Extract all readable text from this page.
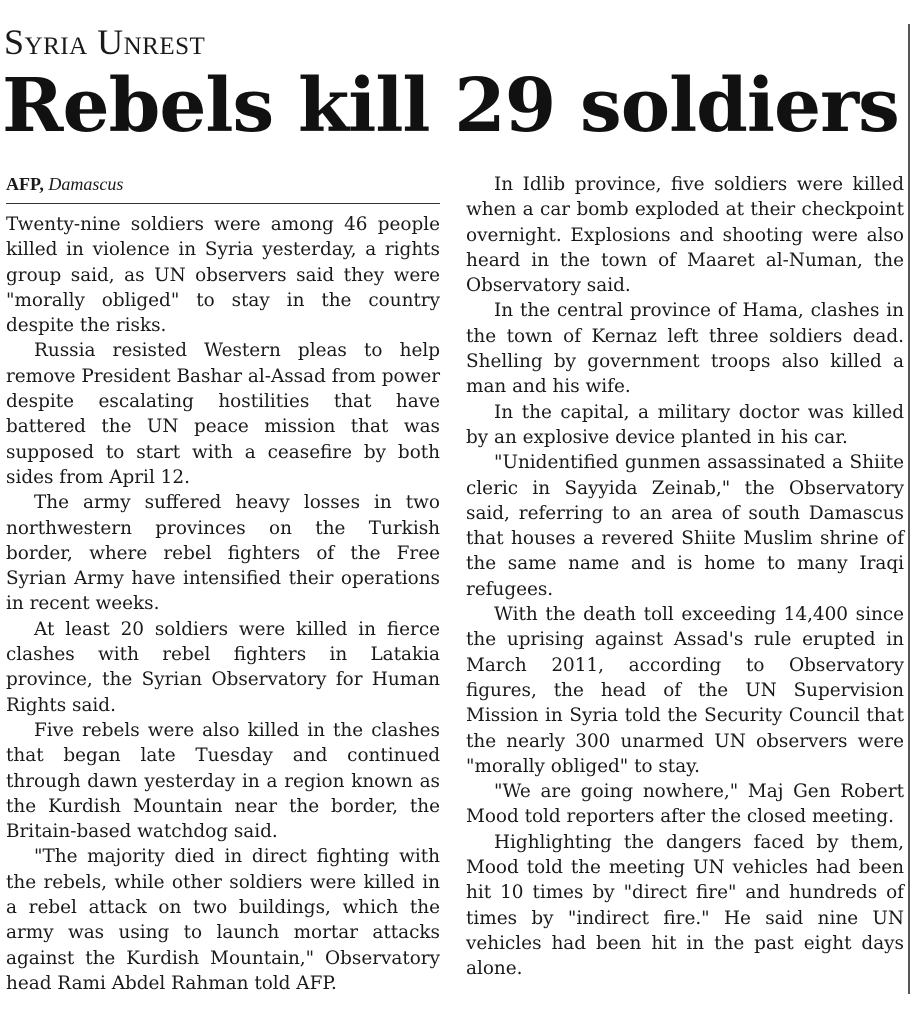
Syria Unrest
Rebels kill 29 soldiers
AFP, Damascus

Twenty-nine soldiers were among 46 people killed in violence in Syria yesterday, a rights group said, as UN observers said they were "morally obliged" to stay in the country despite the risks.

Russia resisted Western pleas to help remove President Bashar al-Assad from power despite escalating hostilities that have battered the UN peace mission that was supposed to start with a ceasefire by both sides from April 12.

The army suffered heavy losses in two northwestern provinces on the Turkish border, where rebel fighters of the Free Syrian Army have intensified their operations in recent weeks.

At least 20 soldiers were killed in fierce clashes with rebel fighters in Latakia province, the Syrian Observatory for Human Rights said.

Five rebels were also killed in the clashes that began late Tuesday and continued through dawn yesterday in a region known as the Kurdish Mountain near the border, the Britain-based watchdog said.

"The majority died in direct fighting with the rebels, while other soldiers were killed in a rebel attack on two buildings, which the army was using to launch mortar attacks against the Kurdish Mountain," Observatory head Rami Abdel Rahman told AFP.

In Idlib province, five soldiers were killed when a car bomb exploded at their checkpoint overnight. Explosions and shooting were also heard in the town of Maaret al-Numan, the Observatory said.

In the central province of Hama, clashes in the town of Kernaz left three soldiers dead. Shelling by government troops also killed a man and his wife.

In the capital, a military doctor was killed by an explosive device planted in his car.

"Unidentified gunmen assassinated a Shiite cleric in Sayyida Zeinab," the Observatory said, referring to an area of south Damascus that houses a revered Shiite Muslim shrine of the same name and is home to many Iraqi refugees.

With the death toll exceeding 14,400 since the uprising against Assad's rule erupted in March 2011, according to Observatory figures, the head of the UN Supervision Mission in Syria told the Security Council that the nearly 300 unarmed UN observers were "morally obliged" to stay.

"We are going nowhere," Maj Gen Robert Mood told reporters after the closed meeting.

Highlighting the dangers faced by them, Mood told the meeting UN vehicles had been hit 10 times by "direct fire" and hundreds of times by "indirect fire." He said nine UN vehicles had been hit in the past eight days alone.
